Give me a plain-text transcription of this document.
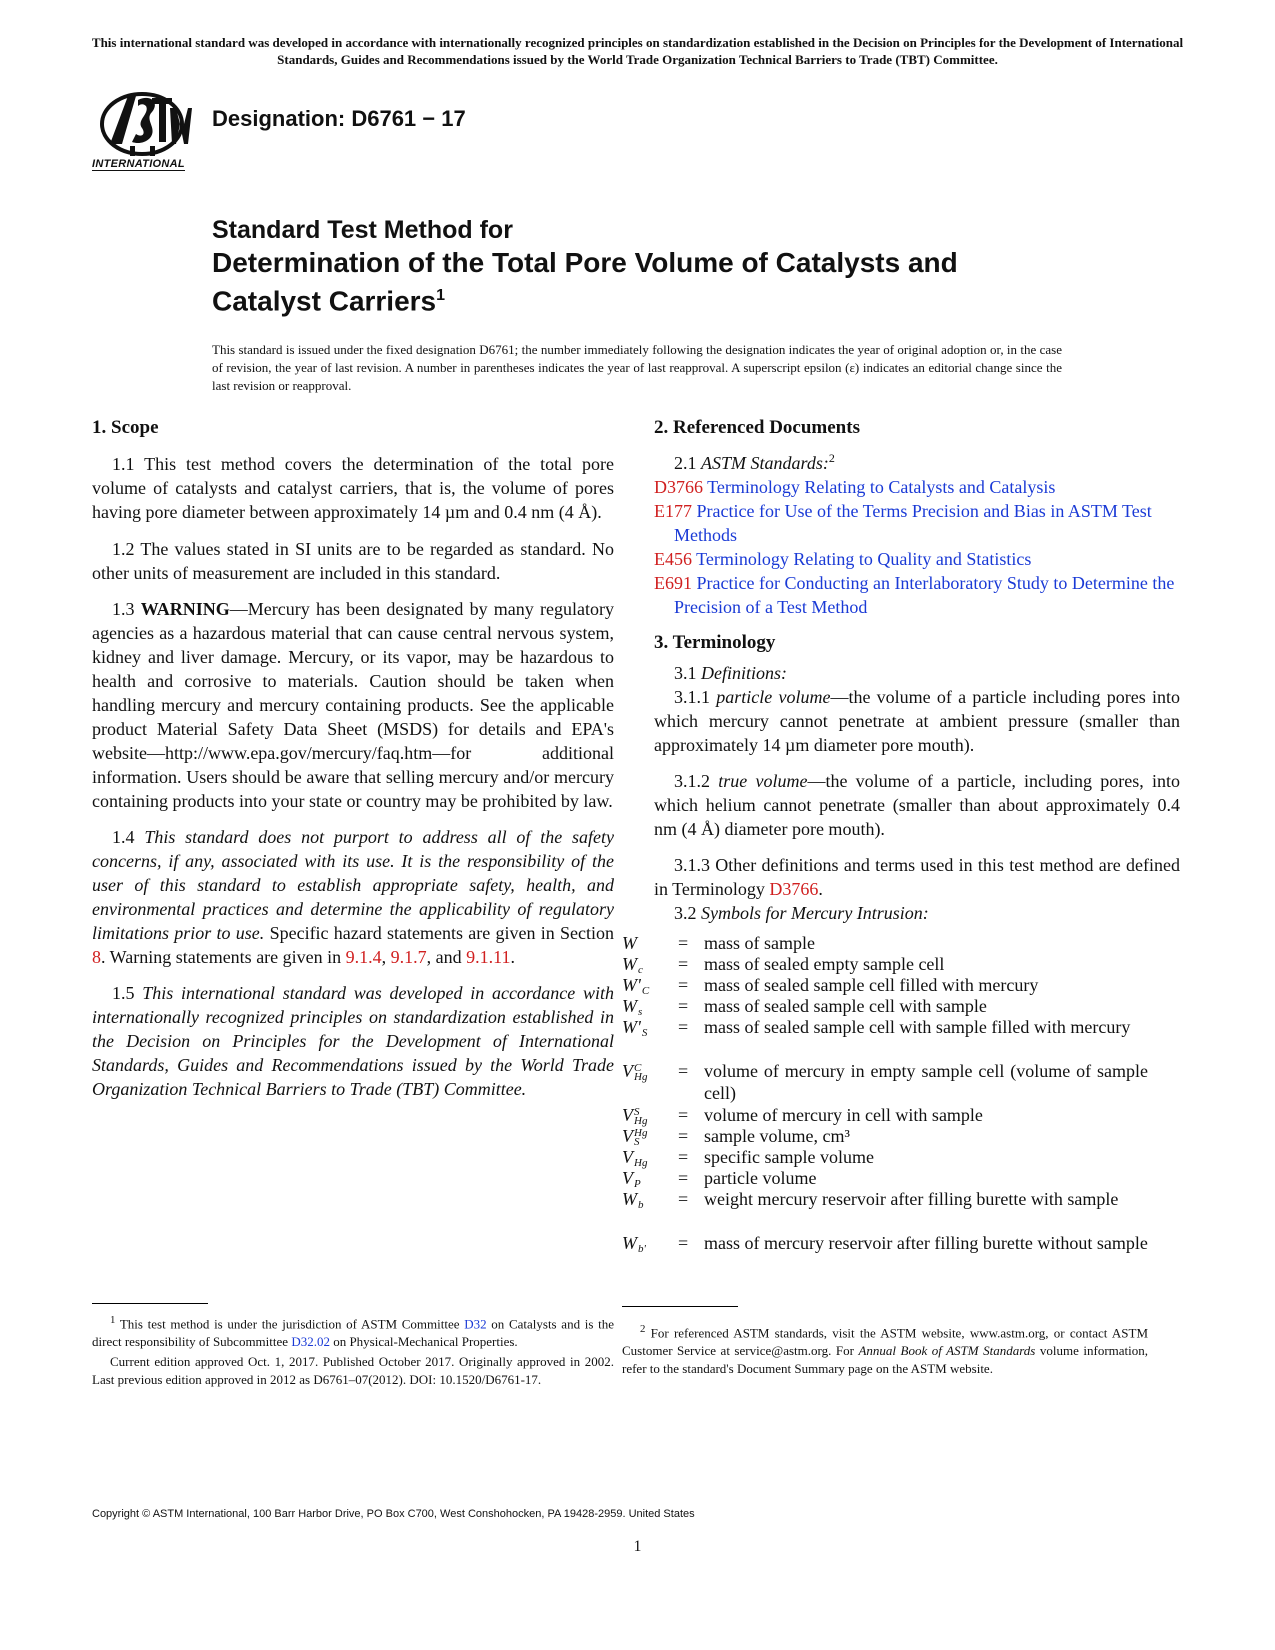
This international standard was developed in accordance with internationally recognized principles on standardization established in the Decision on Principles for the Development of International Standards, Guides and Recommendations issued by the World Trade Organization Technical Barriers to Trade (TBT) Committee.
INTERNATIONAL
Designation: D6761 − 17
Standard Test Method for
Determination of the Total Pore Volume of Catalysts and Catalyst Carriers$^1$
This standard is issued under the fixed designation D6761; the number immediately following the designation indicates the year of original adoption or, in the case of revision, the year of last revision. A number in parentheses indicates the year of last reapproval. A superscript epsilon (ε) indicates an editorial change since the last revision or reapproval.
1. Scope

1.1 This test method covers the determination of the total pore volume of catalysts and catalyst carriers, that is, the volume of pores having pore diameter between approximately 14 µm and 0.4 nm (4 Å).

1.2 The values stated in SI units are to be regarded as standard. No other units of measurement are included in this standard.

1.3 WARNING—Mercury has been designated by many regulatory agencies as a hazardous material that can cause central nervous system, kidney and liver damage. Mercury, or its vapor, may be hazardous to health and corrosive to materials. Caution should be taken when handling mercury and mercury containing products. See the applicable product Material Safety Data Sheet (MSDS) for details and EPA's website—http://www.epa.gov/mercury/faq.htm—for additional information. Users should be aware that selling mercury and/or mercury containing products into your state or country may be prohibited by law.

1.4 This standard does not purport to address all of the safety concerns, if any, associated with its use. It is the responsibility of the user of this standard to establish appropriate safety, health, and environmental practices and determine the applicability of regulatory limitations prior to use. Specific hazard statements are given in Section 8. Warning statements are given in 9.1.4, 9.1.7, and 9.1.11.

1.5 This international standard was developed in accordance with internationally recognized principles on standardization established in the Decision on Principles for the Development of International Standards, Guides and Recommendations issued by the World Trade Organization Technical Barriers to Trade (TBT) Committee.

$^1$ This test method is under the jurisdiction of ASTM Committee D32 on Catalysts and is the direct responsibility of Subcommittee D32.02 on Physical-Mechanical Properties.
Current edition approved Oct. 1, 2017. Published October 2017. Originally approved in 2002. Last previous edition approved in 2012 as D6761–07(2012). DOI: 10.1520/D6761-17.
2. Referenced Documents
2.1 ASTM Standards:$^2$

D3766 Terminology Relating to Catalysts and Catalysis

E177 Practice for Use of the Terms Precision and Bias in ASTM Test Methods

E456 Terminology Relating to Quality and Statistics

E691 Practice for Conducting an Interlaboratory Study to Determine the Precision of a Test Method

3. Terminology
3.1 Definitions:

3.1.1 particle volume—the volume of a particle including pores into which mercury cannot penetrate at ambient pressure (smaller than approximately 14 µm diameter pore mouth).

3.1.2 true volume—the volume of a particle, including pores, into which helium cannot penetrate (smaller than about approximately 0.4 nm (4 Å) diameter pore mouth).

3.1.3 Other definitions and terms used in this test method are defined in Terminology D3766.

3.2 Symbols for Mercury Intrusion:
W	= mass of sample
W
c = mass of sealed empty sample cell
W'
C = mass of sealed sample cell filled with mercury
W
s = mass of sealed sample cell with sample
W'
S = mass of sealed sample cell with sample filled with mercury
V C
Hg = volume of mercury in empty sample cell (volume of sample cell)
V S
Hg = volume of mercury in cell with sample
V Hg
S	= sample volume, cm³
V
Hg = specific sample volume
V
P = particle volume
W
b = weight mercury reservoir after filling burette with sample
W
b' = mass of mercury reservoir after filling burette without sample
$^2$ For referenced ASTM standards, visit the ASTM website, www.astm.org, or contact ASTM Customer Service at service@astm.org. For Annual Book of ASTM Standards volume information, refer to the standard's Document Summary page on the ASTM website.
Copyright © ASTM International, 100 Barr Harbor Drive, PO Box C700, West Conshohocken, PA 19428-2959. United States
1
